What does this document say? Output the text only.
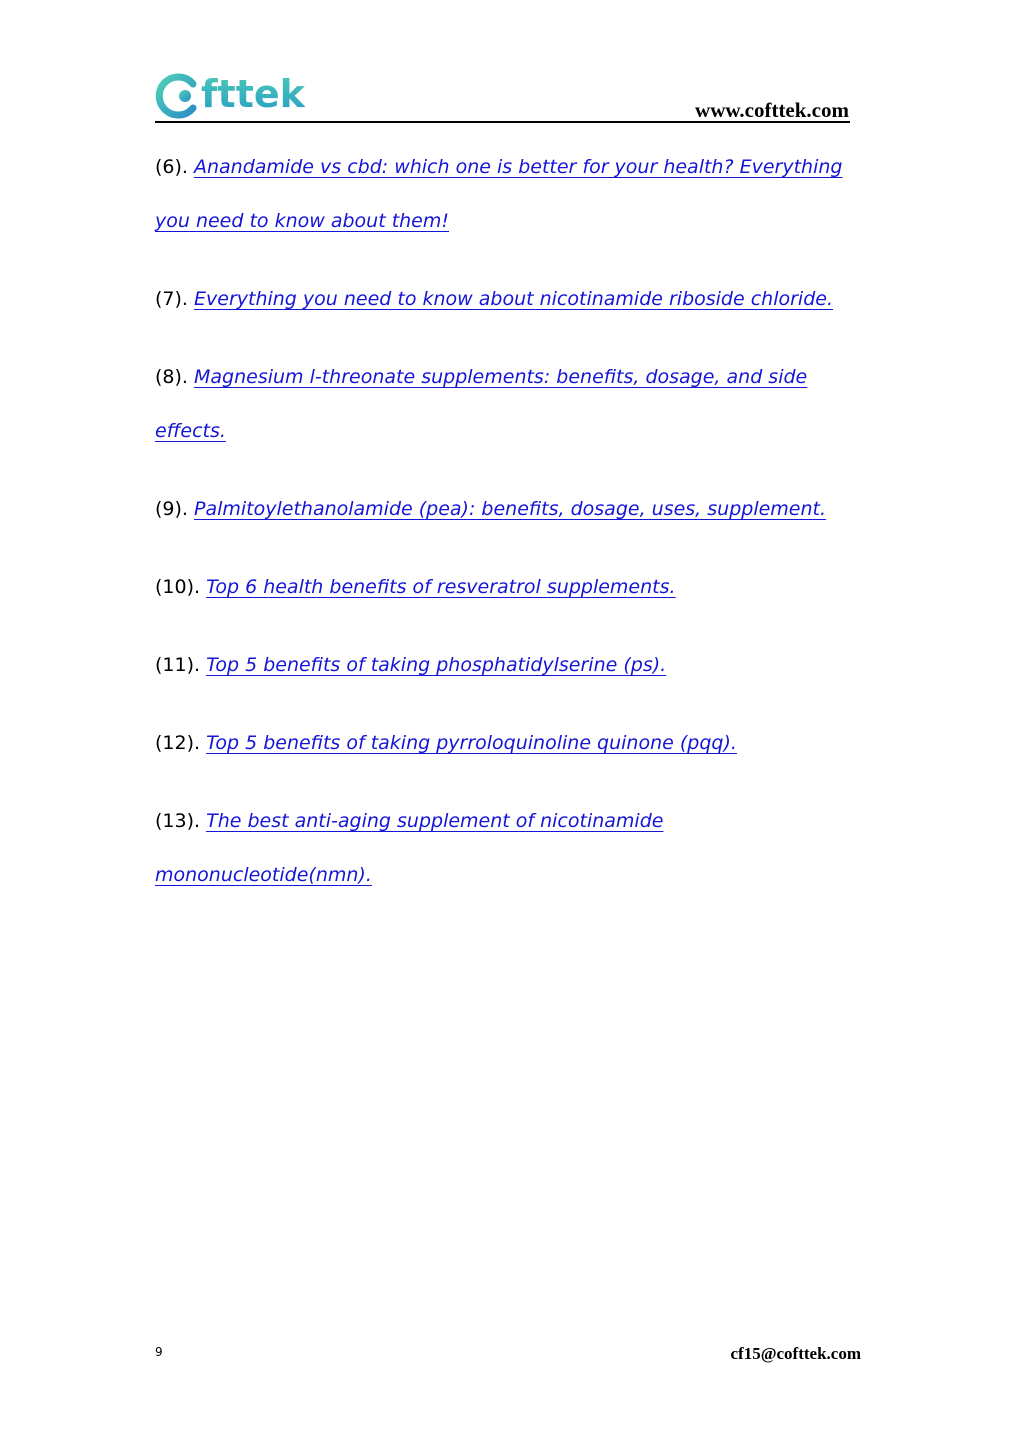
fttek	www.cofttek.com

(6). Anandamide vs cbd: which one is better for your health? Everything you need to know about them!

(7). Everything you need to know about nicotinamide riboside chloride.

(8). Magnesium l-threonate supplements: benefits, dosage, and side effects.

(9). Palmitoylethanolamide (pea): benefits, dosage, uses, supplement.

(10). Top 6 health benefits of resveratrol supplements.

(11). Top 5 benefits of taking phosphatidylserine (ps).

(12). Top 5 benefits of taking pyrroloquinoline quinone (pqq).

(13). The best anti-aging supplement of nicotinamide mononucleotide(nmn).

9	cf15@cofttek.com
